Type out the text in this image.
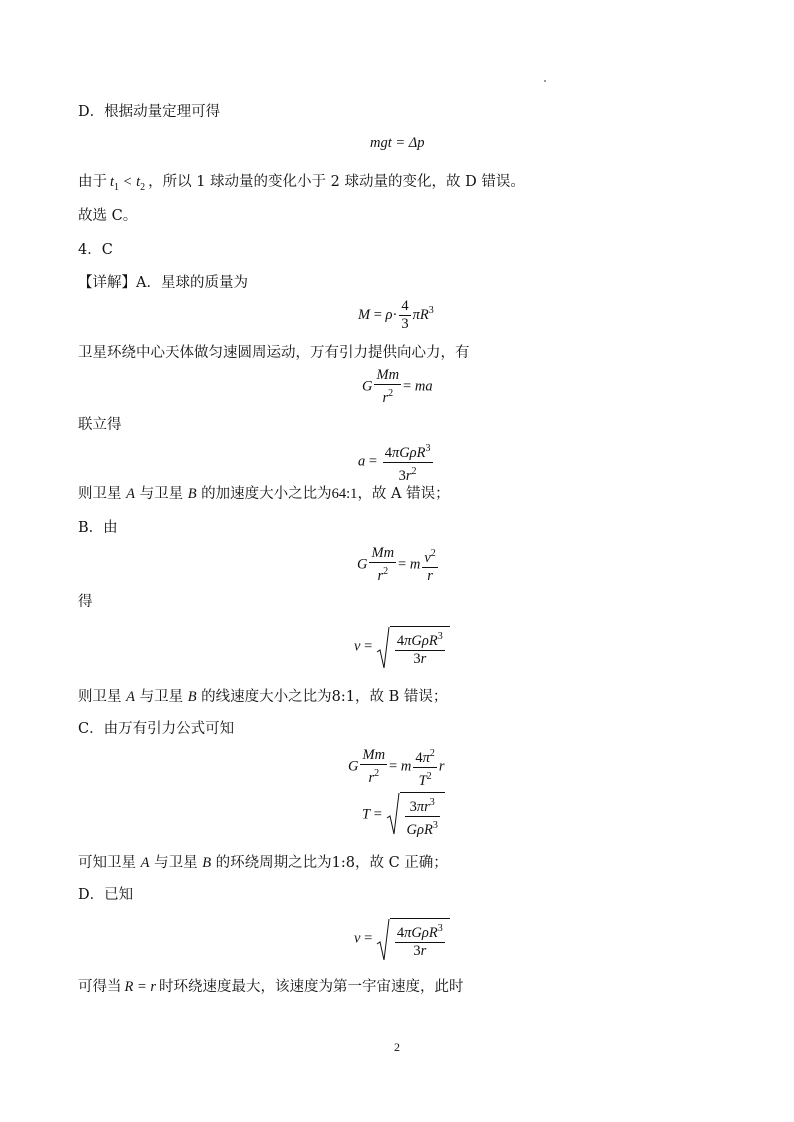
D．根据动量定理可得
mgt = Δp
由于 $t_1 < t_2$ ，所以 1 球动量的变化小于 2 球动量的变化，故 D 错误。
故选 C。
4．C
【详解】A．星球的质量为
$M = \rho\cdot \frac{4}{3} \pi R^3$
卫星环绕中心天体做匀速圆周运动，万有引力提供向心力，有
G $\frac{Mm}{r^2}$ = ma
联立得
$a = \frac{4\pi G\rho R^3}{3r^2}$
则卫星 A 与卫星 B 的加速度大小之比为64:1，故 A 错误；
B．由
G $\frac{Mm}{r^2} = m \frac{v^2}{r}$
得
$v = \frac{4\pi G\rho R^3}{3r}$
则卫星 A 与卫星 B 的线速度大小之比为8:1，故 B 错误；
C．由万有引力公式可知
G $\frac{Mm}{r^2} = m \frac{4\pi^2}{T^2}$ r
$T = \frac{3\pi r^3}{G\rho R^3}$
可知卫星 A 与卫星 B 的环绕周期之比为1:8，故 C 正确；
D．已知
$v = \frac{4\pi G\rho R^3}{3r}$
可得当 R = r 时环绕速度最大，该速度为第一宇宙速度，此时
2
